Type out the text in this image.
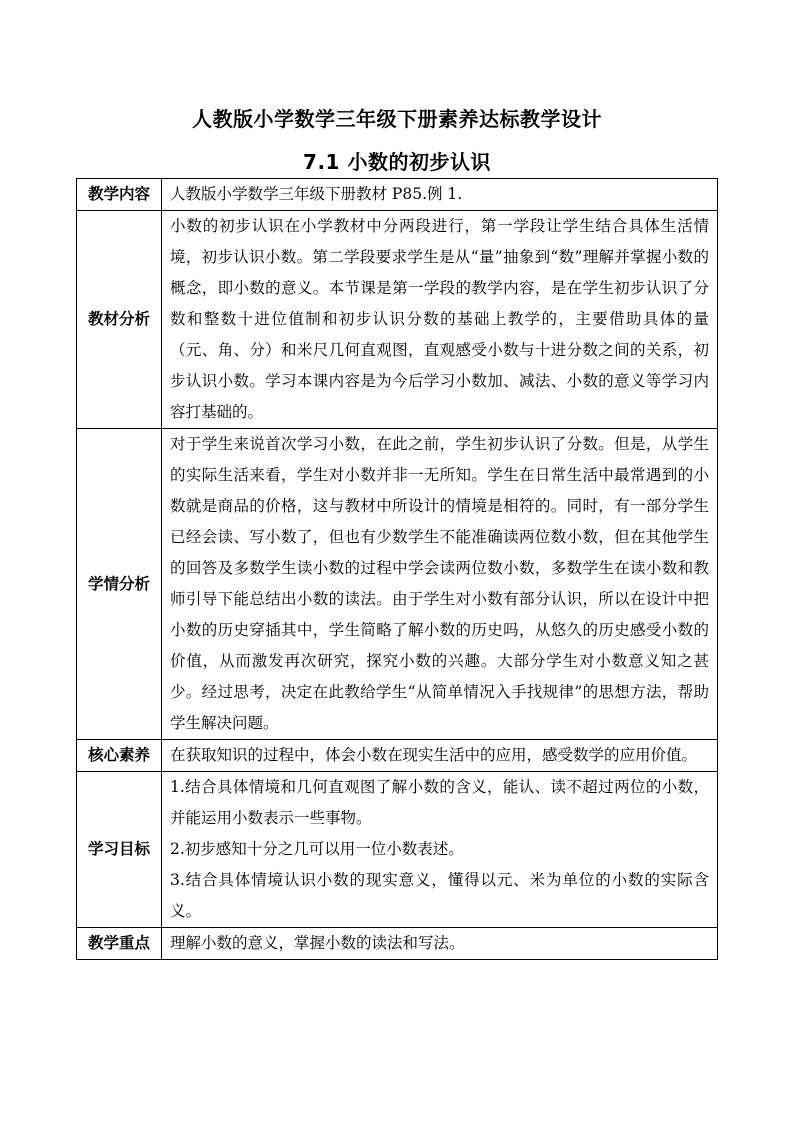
人教版小学数学三年级下册素养达标教学设计
7.1 小数的初步认识
教学内容	人教版小学数学三年级下册教材 P85.例 1.

教材分析	小数的初步认识在小学教材中分两段进行，第一学段让学生结合具体生活情境，初步认识小数。第二学段要求学生是从“量”抽象到“数”理解并掌握小数的概念，即小数的意义。本节课是第一学段的教学内容，是在学生初步认识了分数和整数十进位值制和初步认识分数的基础上教学的，主要借助具体的量（元、角、分）和米尺几何直观图，直观感受小数与十进分数之间的关系，初步认识小数。学习本课内容是为今后学习小数加、减法、小数的意义等学习内容打基础的。

学情分析	对于学生来说首次学习小数，在此之前，学生初步认识了分数。但是，从学生的实际生活来看，学生对小数并非一无所知。学生在日常生活中最常遇到的小数就是商品的价格，这与教材中所设计的情境是相符的。同时，有一部分学生已经会读、写小数了，但也有少数学生不能准确读两位数小数，但在其他学生的回答及多数学生读小数的过程中学会读两位数小数，多数学生在读小数和教师引导下能总结出小数的读法。由于学生对小数有部分认识，所以在设计中把小数的历史穿插其中，学生简略了解小数的历史吗，从悠久的历史感受小数的价值，从而激发再次研究，探究小数的兴趣。大部分学生对小数意义知之甚少。经过思考，决定在此教给学生“从简单情况入手找规律”的思想方法，帮助学生解决问题。

核心素养	在获取知识的过程中，体会小数在现实生活中的应用，感受数学的应用价值。

学习目标	1.结合具体情境和几何直观图了解小数的含义，能认、读不超过两位的小数，并能运用小数表示一些事物。
2.初步感知十分之几可以用一位小数表述。
3.结合具体情境认识小数的现实意义，懂得以元、米为单位的小数的实际含义。

教学重点	理解小数的意义，掌握小数的读法和写法。
